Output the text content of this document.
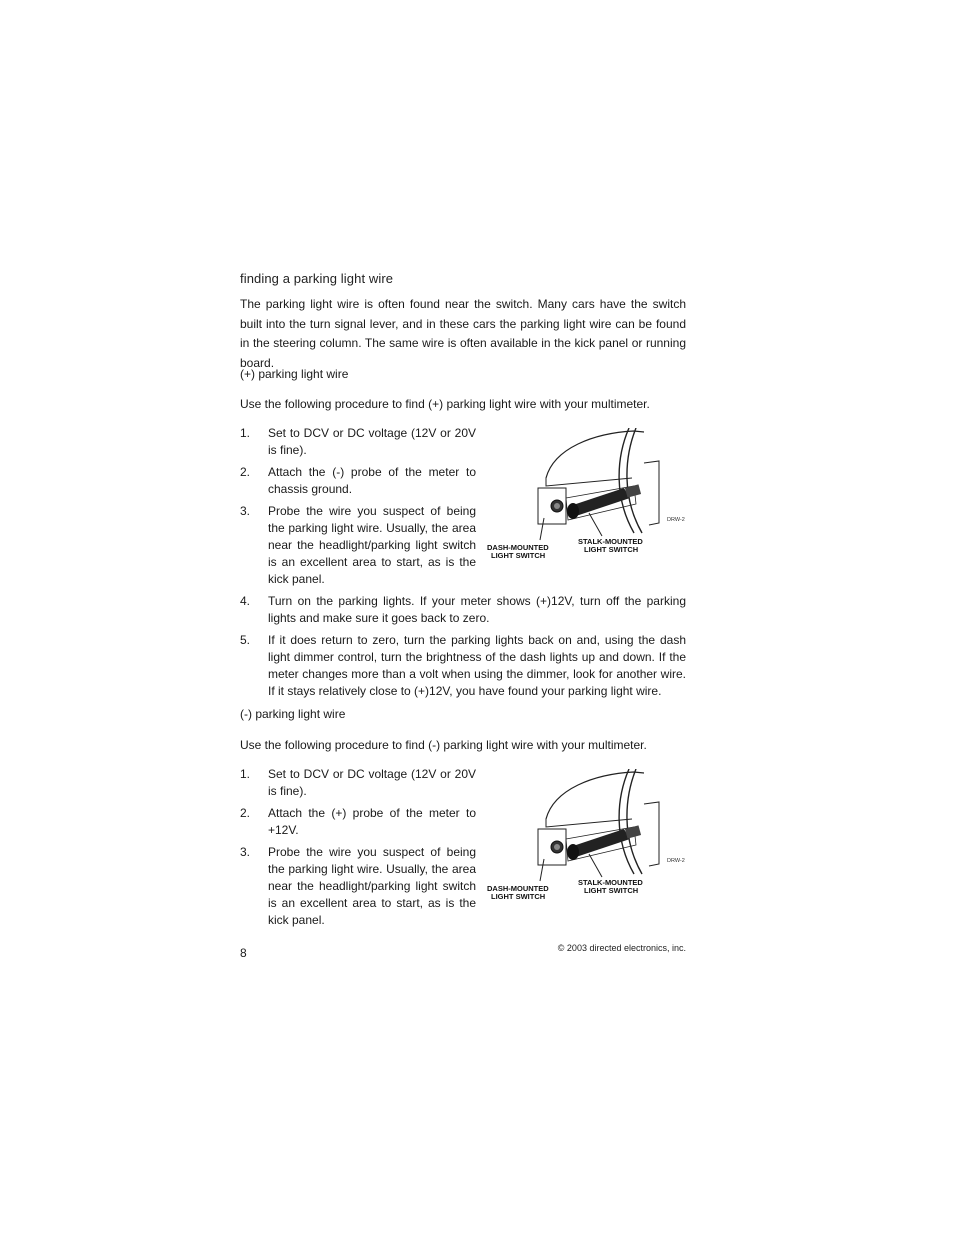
finding a parking light wire
The parking light wire is often found near the switch. Many cars have the switch built into the turn signal lever, and in these cars the parking light wire can be found in the steering column. The same wire is often available in the kick panel or running board.
(+) parking light wire
Use the following procedure to find (+) parking light wire with your multimeter.
1. Set to DCV or DC voltage (12V or 20V is fine).
2. Attach the (-) probe of the meter to chassis ground.
3. Probe the wire you suspect of being the parking light wire. Usually, the area near the headlight/parking light switch is an excellent area to start, as is the kick panel.
4. Turn on the parking lights. If your meter shows (+)12V, turn off the parking lights and make sure it goes back to zero.
5. If it does return to zero, turn the parking lights back on and, using the dash light dimmer control, turn the brightness of the dash lights up and down. If the meter changes more than a volt when using the dimmer, look for another wire. If it stays relatively close to (+)12V, you have found your parking light wire.
DRW-2
DASH-MOUNTED
LIGHT SWITCH
STALK-MOUNTED
LIGHT SWITCH
(-) parking light wire
Use the following procedure to find (-) parking light wire with your multimeter.
1. Set to DCV or DC voltage (12V or 20V is fine).
2. Attach the (+) probe of the meter to +12V.
3. Probe the wire you suspect of being the parking light wire. Usually, the area near the headlight/parking light switch is an excellent area to start, as is the kick panel.
DRW-2
DASH-MOUNTED
LIGHT SWITCH
STALK-MOUNTED
LIGHT SWITCH
8	© 2003 directed electronics, inc.
